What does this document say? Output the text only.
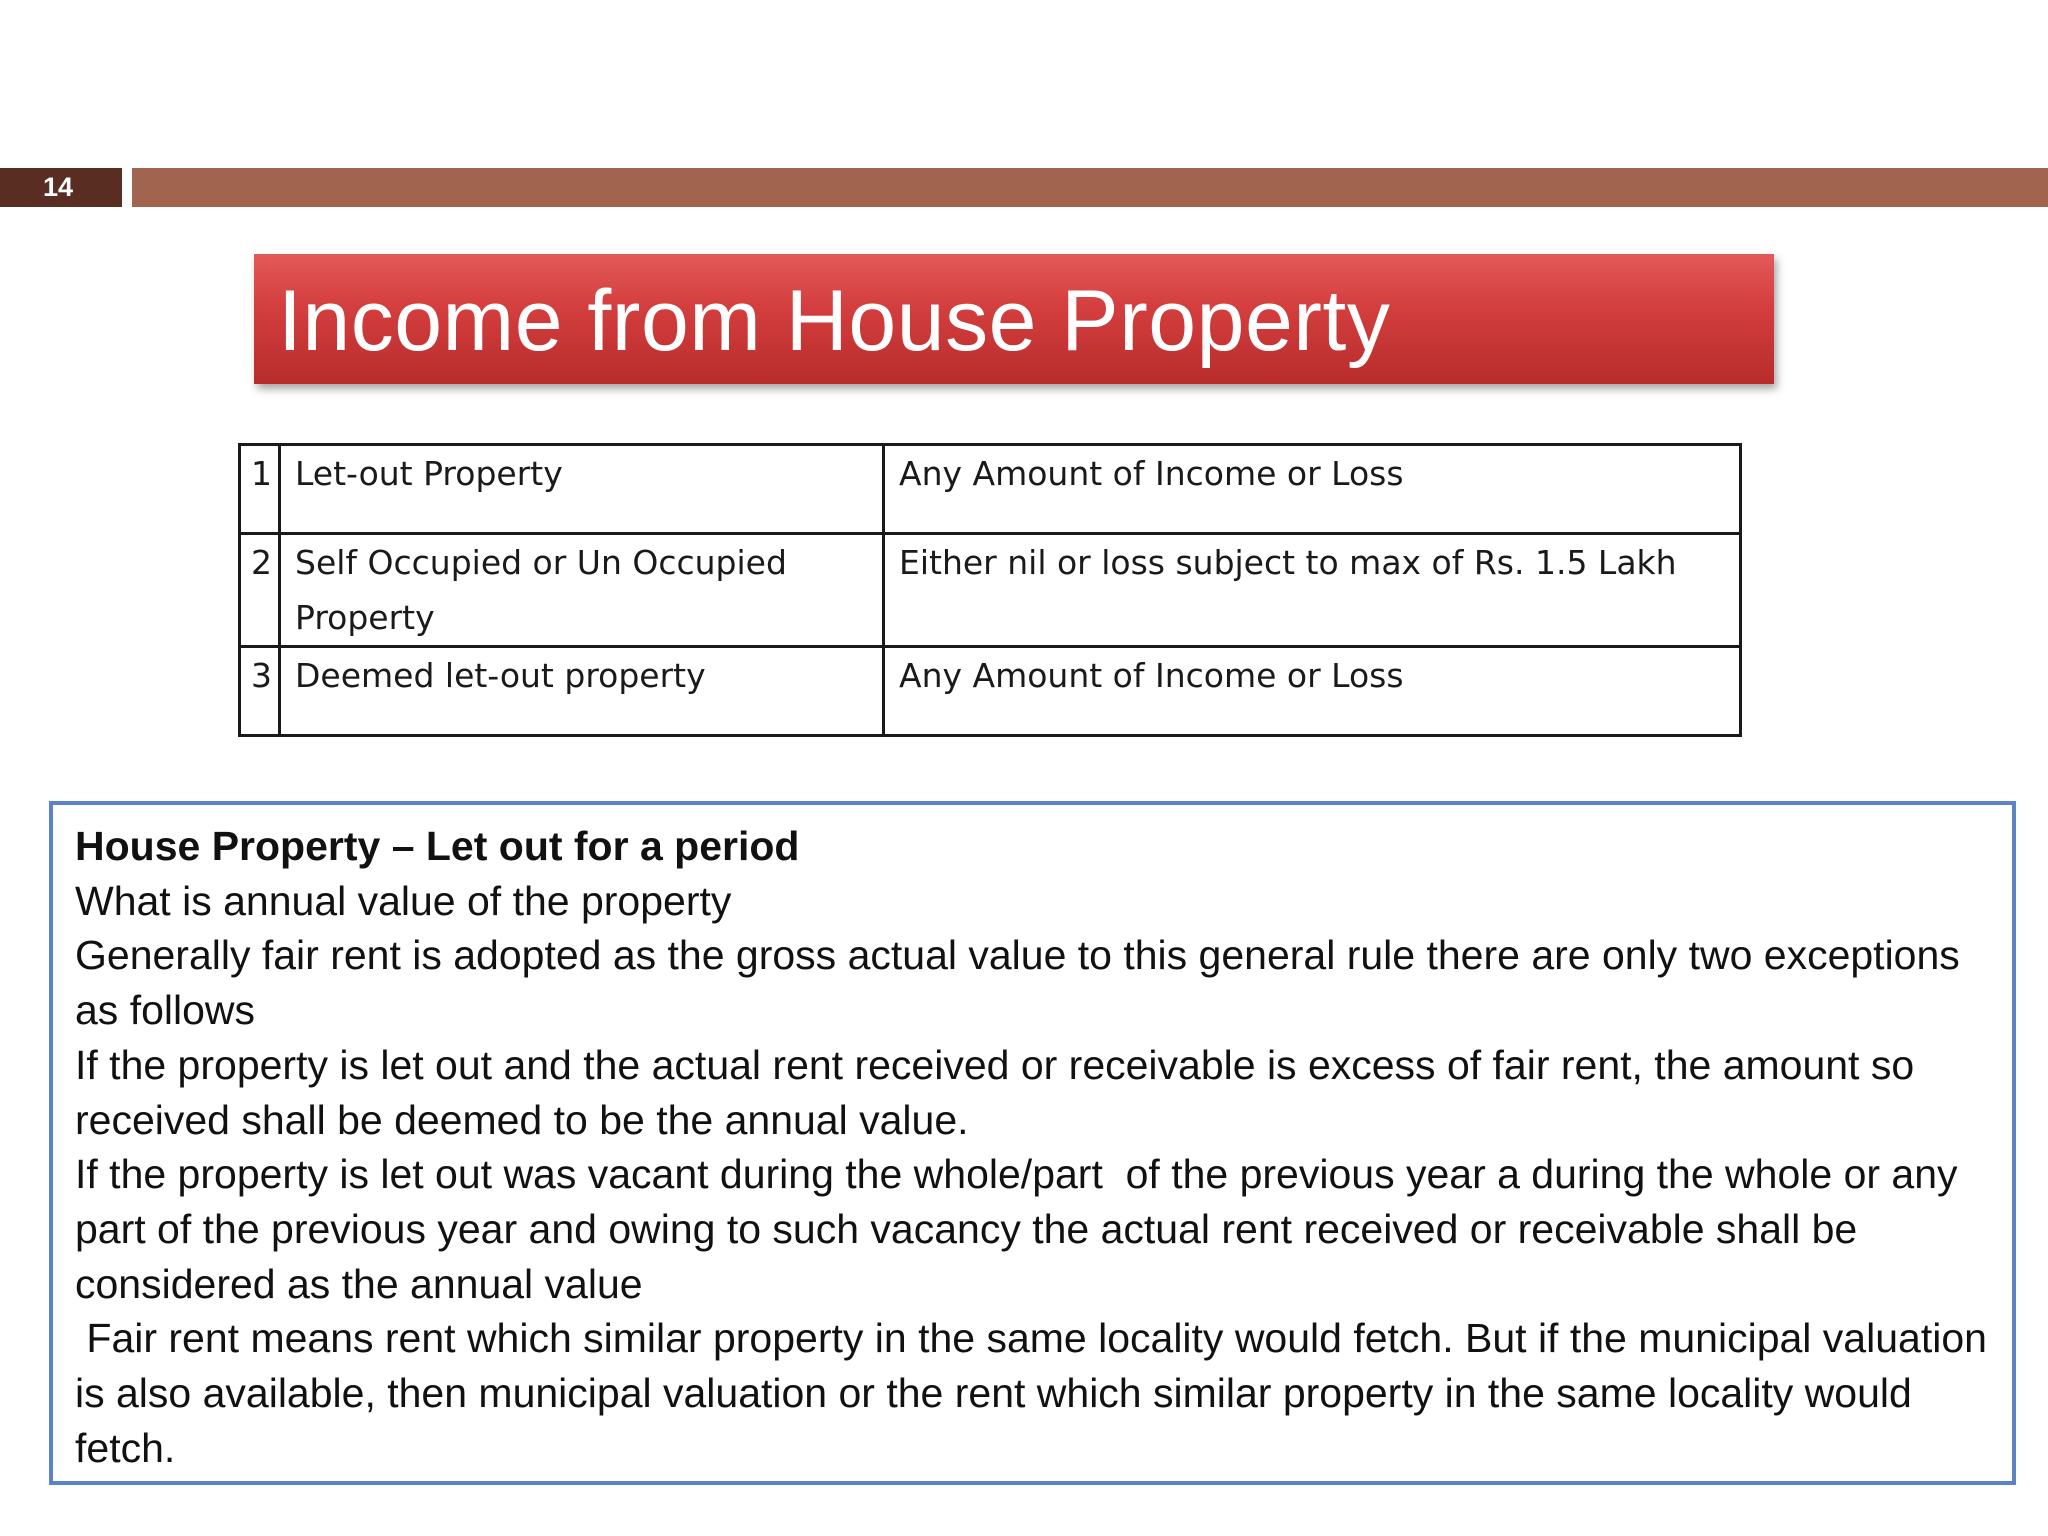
14
Income from House Property
1	Let-out Property	Any Amount of Income or Loss
2	Self Occupied or Un Occupied Property	Either nil or loss subject to max of Rs. 1.5 Lakh
3	Deemed let-out property	Any Amount of Income or Loss

House Property – Let out for a period

What is annual value of the property

Generally fair rent is adopted as the gross actual value to this general rule there are only two exceptions as follows

If the property is let out and the actual rent received or receivable is excess of fair rent, the amount so received shall be deemed to be the annual value.

If the property is let out was vacant during the whole/part  of the previous year a during the whole or any part of the previous year and owing to such vacancy the actual rent received or receivable shall be considered as the annual value

Fair rent means rent which similar property in the same locality would fetch. But if the municipal valuation is also available, then municipal valuation or the rent which similar property in the same locality would fetch.
